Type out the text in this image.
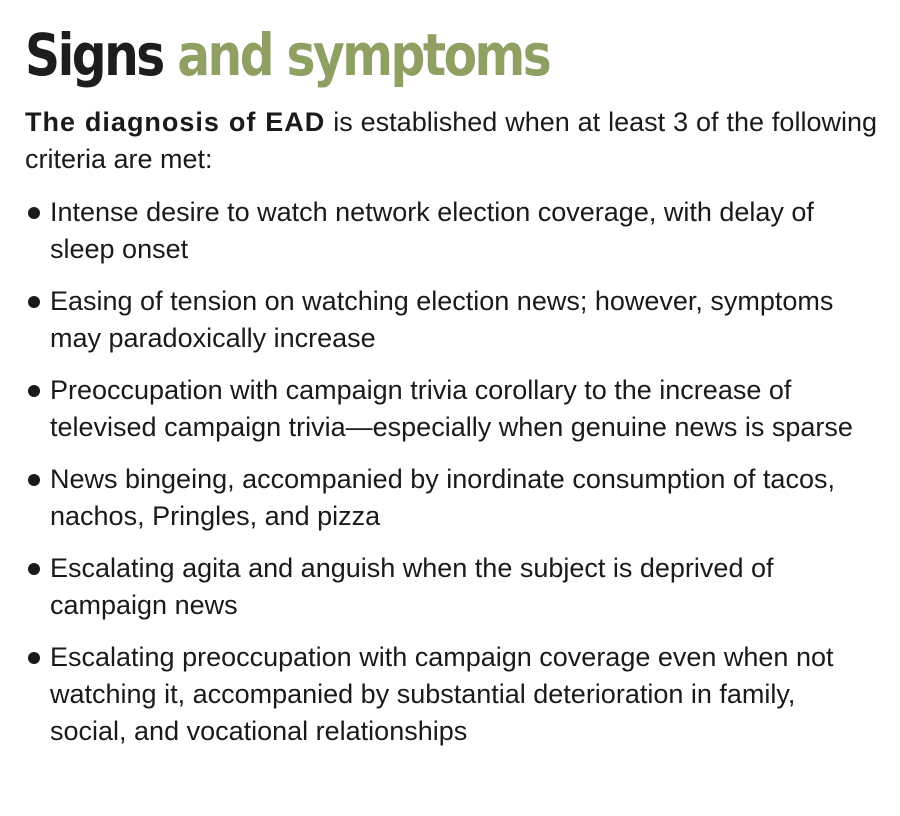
Signs and symptoms

The diagnosis of EAD is established when at least 3 of the following criteria are met:

Intense desire to watch network election coverage, with delay of sleep onset
Easing of tension on watching election news; however, symptoms may paradoxically increase
Preoccupation with campaign trivia corollary to the increase of televised campaign trivia—especially when genuine news is sparse
News bingeing, accompanied by inordinate consumption of tacos, nachos, Pringles, and pizza
Escalating agita and anguish when the subject is deprived of campaign news
Escalating preoccupation with campaign coverage even when not watching it, accompanied by substantial deterioration in family, social, and vocational relationships
